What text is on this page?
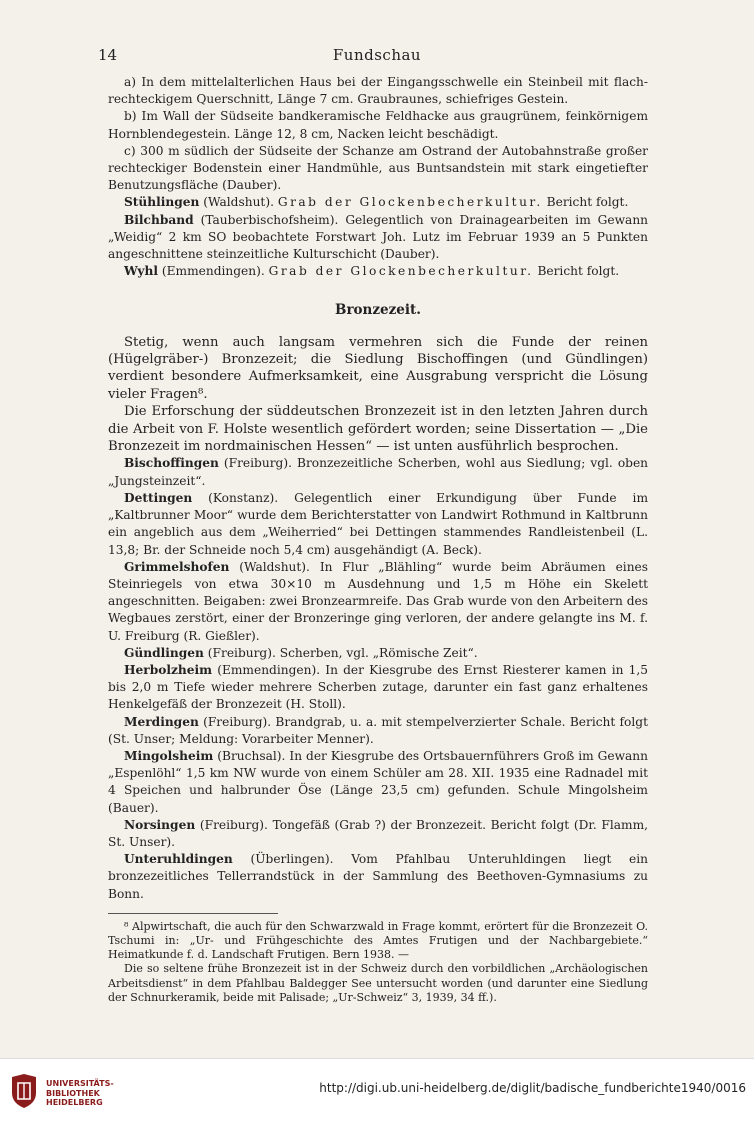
14	Fundschau

a) In dem mittelalterlichen Haus bei der Eingangsschwelle ein Steinbeil mit flach-rechteckigem Querschnitt, Länge 7 cm. Graubraunes, schiefriges Gestein.

b) Im Wall der Südseite bandkeramische Feldhacke aus graugrünem, feinkörnigem Hornblendegestein. Länge 12, 8 cm, Nacken leicht beschädigt.

c) 300 m südlich der Südseite der Schanze am Ostrand der Autobahnstraße großer rechteckiger Bodenstein einer Handmühle, aus Buntsandstein mit stark eingetiefter Benutzungsfläche (Dauber).

Stühlingen (Waldshut). Grab der Glockenbecherkultur. Bericht folgt.

Bilchband (Tauberbischofsheim). Gelegentlich von Drainagearbeiten im Gewann „Weidig“ 2 km SO beobachtete Forstwart Joh. Lutz im Februar 1939 an 5 Punkten angeschnittene steinzeitliche Kulturschicht (Dauber).

Wyhl (Emmendingen). Grab der Glockenbecherkultur. Bericht folgt.

Bronzezeit.

Stetig, wenn auch langsam vermehren sich die Funde der reinen (Hügelgräber-) Bronzezeit; die Siedlung Bischoffingen (und Gündlingen) verdient besondere Aufmerksamkeit, eine Ausgrabung verspricht die Lösung vieler Fragen⁸.

Die Erforschung der süddeutschen Bronzezeit ist in den letzten Jahren durch die Arbeit von F. Holste wesentlich gefördert worden; seine Dissertation — „Die Bronzezeit im nordmainischen Hessen“ — ist unten ausführlich besprochen.

Bischoffingen (Freiburg). Bronzezeitliche Scherben, wohl aus Siedlung; vgl. oben „Jungsteinzeit“.

Dettingen (Konstanz). Gelegentlich einer Erkundigung über Funde im „Kaltbrunner Moor“ wurde dem Berichterstatter von Landwirt Rothmund in Kaltbrunn ein angeblich aus dem „Weiherried“ bei Dettingen stammendes Randleistenbeil (L. 13,8; Br. der Schneide noch 5,4 cm) ausgehändigt (A. Beck).

Grimmelshofen (Waldshut). In Flur „Blähling“ wurde beim Abräumen eines Steinriegels von etwa 30×10 m Ausdehnung und 1,5 m Höhe ein Skelett angeschnitten. Beigaben: zwei Bronzearmreife. Das Grab wurde von den Arbeitern des Wegbaues zerstört, einer der Bronzeringe ging verloren, der andere gelangte ins M. f. U. Freiburg (R. Gießler).

Gündlingen (Freiburg). Scherben, vgl. „Römische Zeit“.

Herbolzheim (Emmendingen). In der Kiesgrube des Ernst Riesterer kamen in 1,5 bis 2,0 m Tiefe wieder mehrere Scherben zutage, darunter ein fast ganz erhaltenes Henkelgefäß der Bronzezeit (H. Stoll).

Merdingen (Freiburg). Brandgrab, u. a. mit stempelverzierter Schale. Bericht folgt (St. Unser; Meldung: Vorarbeiter Menner).

Mingolsheim (Bruchsal). In der Kiesgrube des Ortsbauernführers Groß im Gewann „Espenlöhl“ 1,5 km NW wurde von einem Schüler am 28. XII. 1935 eine Radnadel mit 4 Speichen und halbrunder Öse (Länge 23,5 cm) gefunden. Schule Mingolsheim (Bauer).

Norsingen (Freiburg). Tongefäß (Grab ?) der Bronzezeit. Bericht folgt (Dr. Flamm, St. Unser).

Unteruhldingen (Überlingen). Vom Pfahlbau Unteruhldingen liegt ein bronzezeitliches Tellerrandstück in der Sammlung des Beethoven-Gymnasiums zu Bonn.

⁸ Alpwirtschaft, die auch für den Schwarzwald in Frage kommt, erörtert für die Bronzezeit O. Tschumi in: „Ur- und Frühgeschichte des Amtes Frutigen und der Nachbargebiete.“ Heimatkunde f. d. Landschaft Frutigen. Bern 1938. —

Die so seltene frühe Bronzezeit ist in der Schweiz durch den vorbildlichen „Archäologischen Arbeitsdienst“ in dem Pfahlbau Baldegger See untersucht worden (und darunter eine Siedlung der Schnurkeramik, beide mit Palisade; „Ur-Schweiz“ 3, 1939, 34 ff.).

UNIVERSITÄTS-
BIBLIOTHEK
HEIDELBERG
http://digi.ub.uni-heidelberg.de/diglit/badische_fundberichte1940/0016
